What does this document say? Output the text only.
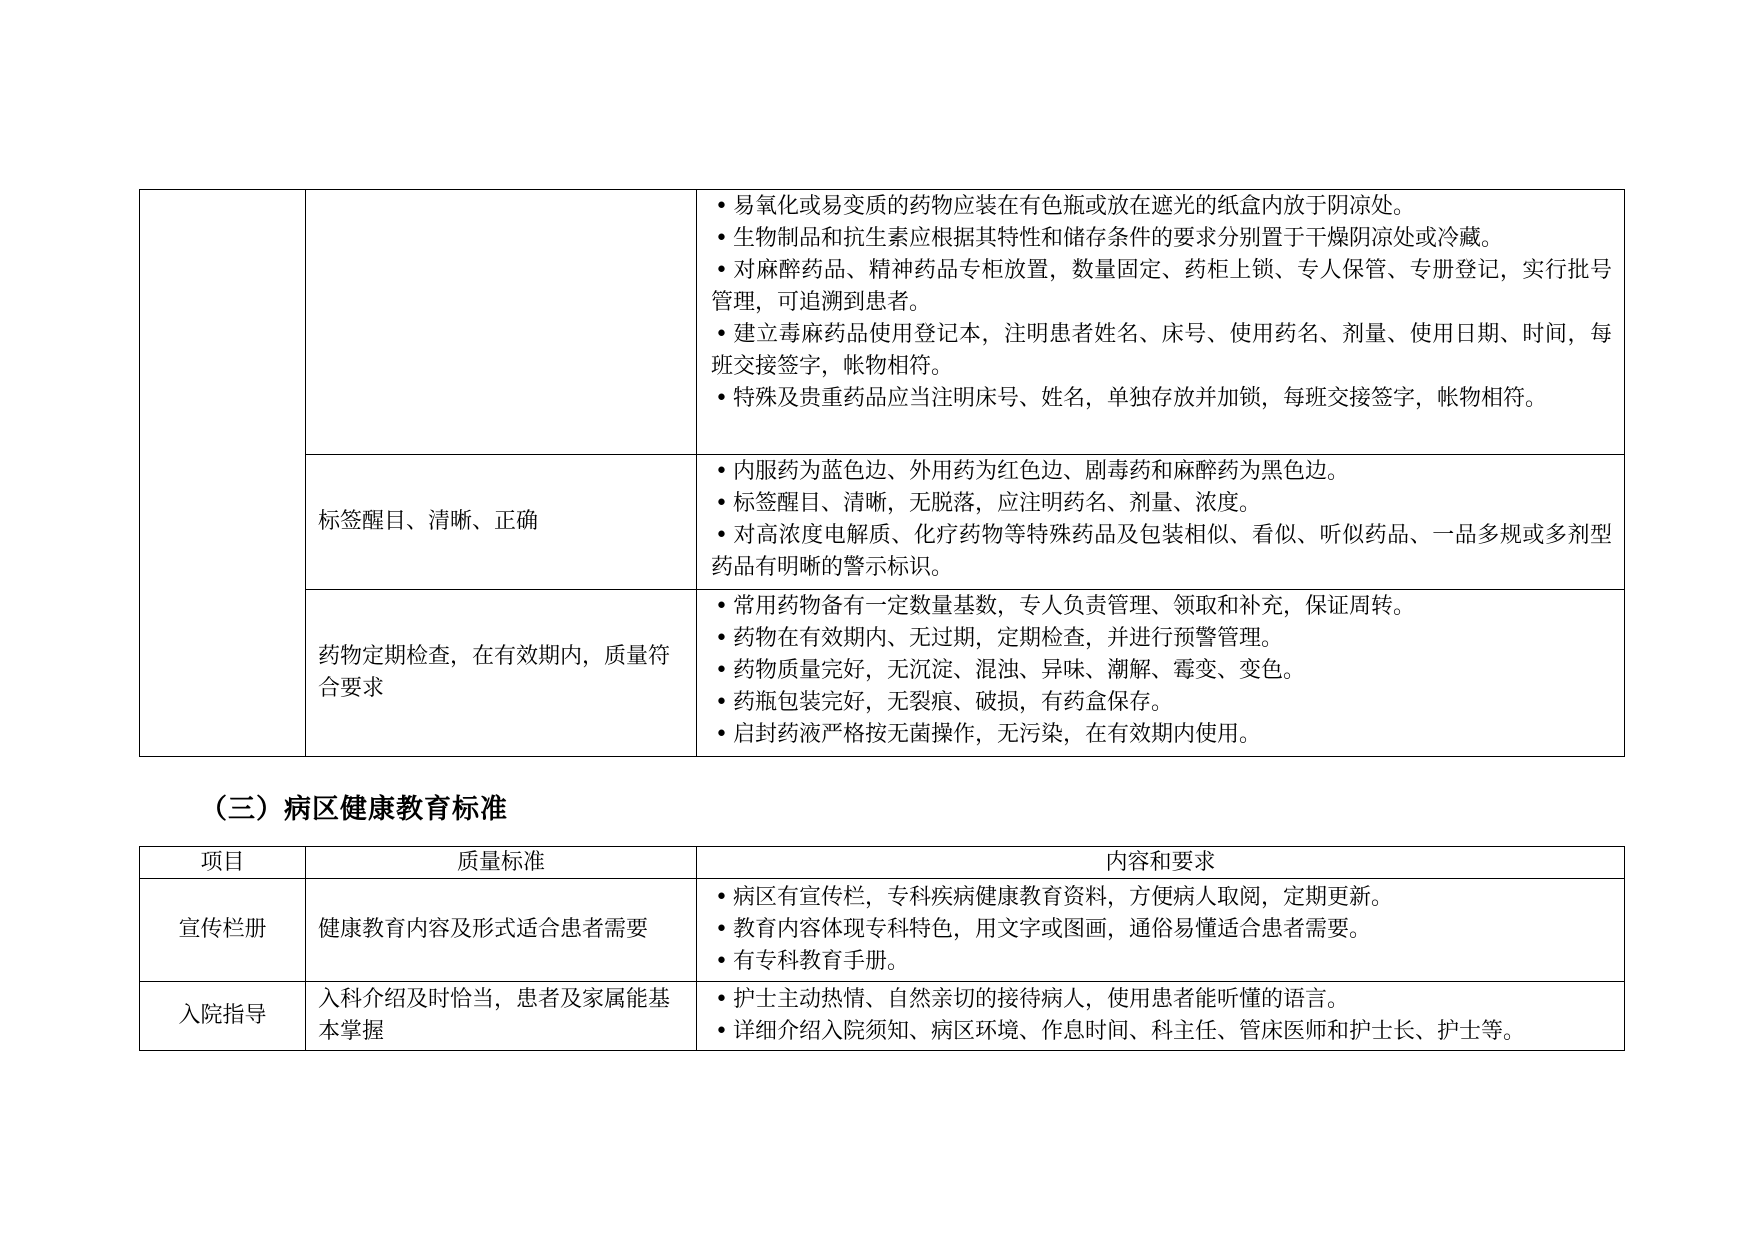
		• 易氧化或易变质的药物应装在有色瓶或放在遮光的纸盒内放于阴凉处。
• 生物制品和抗生素应根据其特性和储存条件的要求分别置于干燥阴凉处或冷藏。
• 对麻醉药品、精神药品专柜放置，数量固定、药柜上锁、专人保管、专册登记，实行批号管理，可追溯到患者。
• 建立毒麻药品使用登记本，注明患者姓名、床号、使用药名、剂量、使用日期、时间，每班交接签字，帐物相符。
• 特殊及贵重药品应当注明床号、姓名，单独存放并加锁，每班交接签字，帐物相符。

	标签醒目、清晰、正确	• 内服药为蓝色边、外用药为红色边、剧毒药和麻醉药为黑色边。
• 标签醒目、清晰，无脱落，应注明药名、剂量、浓度。
• 对高浓度电解质、化疗药物等特殊药品及包装相似、看似、听似药品、一品多规或多剂型药品有明晰的警示标识。

	药物定期检查，在有效期内，质量符合要求	• 常用药物备有一定数量基数，专人负责管理、领取和补充，保证周转。
• 药物在有效期内、无过期，定期检查，并进行预警管理。
• 药物质量完好，无沉淀、混浊、异味、潮解、霉变、变色。
• 药瓶包装完好，无裂痕、破损，有药盒保存。
• 启封药液严格按无菌操作，无污染，在有效期内使用。
（三）病区健康教育标准
项目	质量标准	内容和要求
宣传栏册	健康教育内容及形式适合患者需要	• 病区有宣传栏，专科疾病健康教育资料，方便病人取阅，定期更新。
• 教育内容体现专科特色，用文字或图画，通俗易懂适合患者需要。
• 有专科教育手册。

入院指导	入科介绍及时恰当，患者及家属能基本掌握	• 护士主动热情、自然亲切的接待病人，使用患者能听懂的语言。
• 详细介绍入院须知、病区环境、作息时间、科主任、管床医师和护士长、护士等。
